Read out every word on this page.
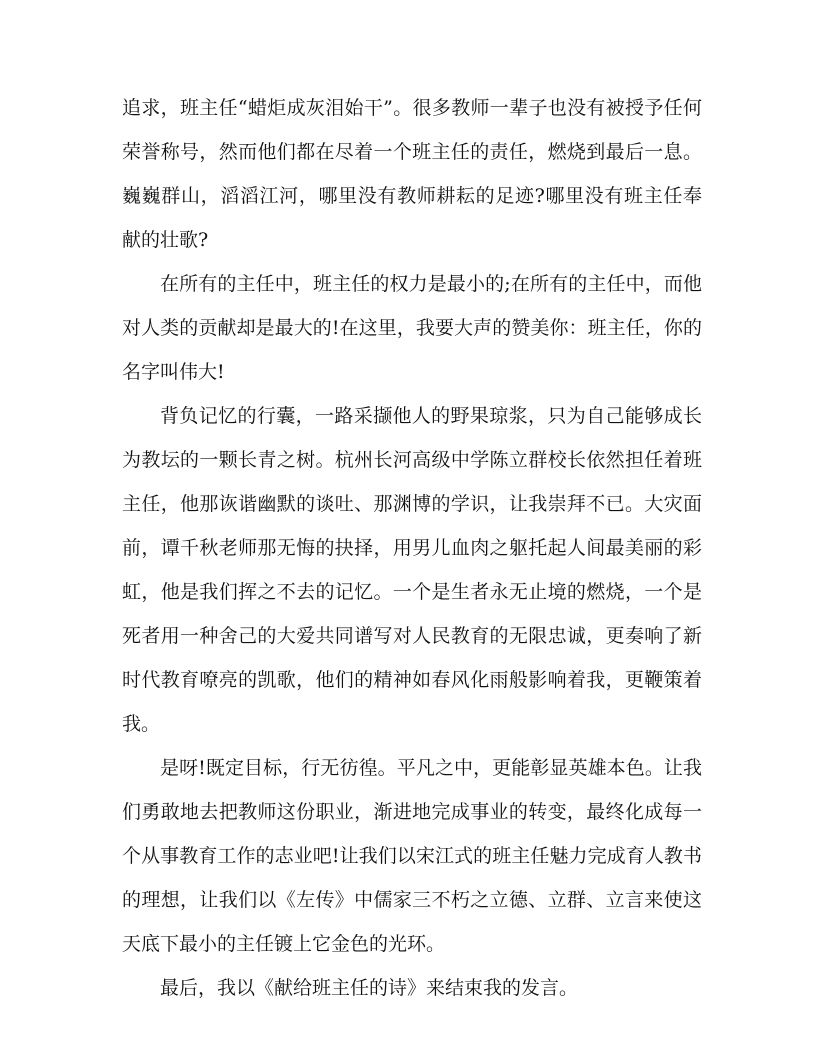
追求，班主任“蜡炬成灰泪始干”。很多教师一辈子也没有被授予任何荣誉称号，然而他们都在尽着一个班主任的责任，燃烧到最后一息。巍巍群山，滔滔江河，哪里没有教师耕耘的足迹?哪里没有班主任奉献的壮歌?

在所有的主任中，班主任的权力是最小的;在所有的主任中，而他对人类的贡献却是最大的!在这里，我要大声的赞美你：班主任，你的名字叫伟大!

背负记忆的行囊，一路采撷他人的野果琼浆，只为自己能够成长为教坛的一颗长青之树。杭州长河高级中学陈立群校长依然担任着班主任，他那诙谐幽默的谈吐、那渊博的学识，让我崇拜不已。大灾面前，谭千秋老师那无悔的抉择，用男儿血肉之躯托起人间最美丽的彩虹，他是我们挥之不去的记忆。一个是生者永无止境的燃烧，一个是死者用一种舍己的大爱共同谱写对人民教育的无限忠诚，更奏响了新时代教育嘹亮的凯歌，他们的精神如春风化雨般影响着我，更鞭策着我。

是呀!既定目标，行无彷徨。平凡之中，更能彰显英雄本色。让我们勇敢地去把教师这份职业，渐进地完成事业的转变，最终化成每一个从事教育工作的志业吧!让我们以宋江式的班主任魅力完成育人教书的理想，让我们以《左传》中儒家三不朽之立德、立群、立言来使这天底下最小的主任镀上它金色的光环。

最后，我以《献给班主任的诗》来结束我的发言。
